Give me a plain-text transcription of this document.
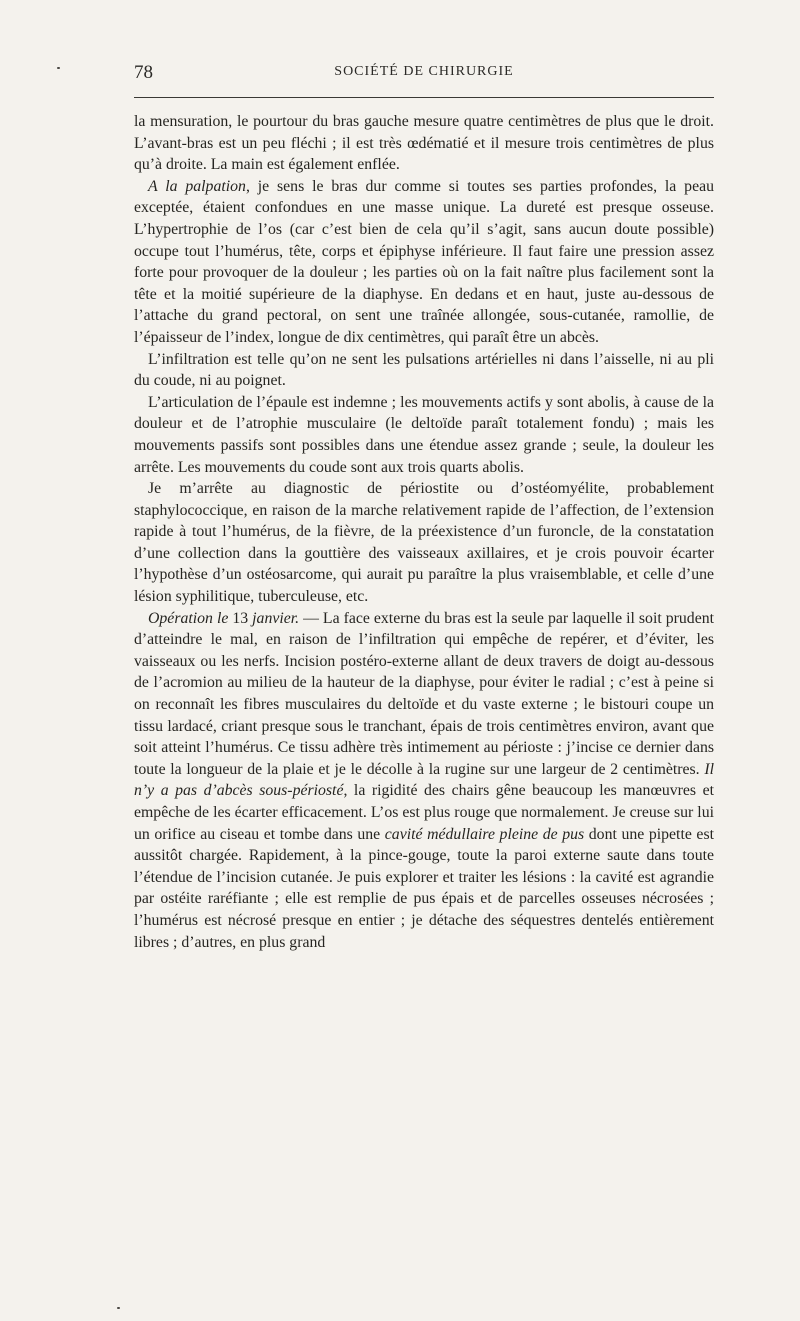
78	SOCIÉTÉ DE CHIRURGIE

la mensuration, le pourtour du bras gauche mesure quatre centimètres de plus que le droit. L’avant-bras est un peu fléchi ; il est très œdématié et il mesure trois centimètres de plus qu’à droite. La main est également enflée.

A la palpation, je sens le bras dur comme si toutes ses parties profondes, la peau exceptée, étaient confondues en une masse unique. La dureté est presque osseuse. L’hypertrophie de l’os (car c’est bien de cela qu’il s’agit, sans aucun doute possible) occupe tout l’humérus, tête, corps et épiphyse inférieure. Il faut faire une pression assez forte pour provoquer de la douleur ; les parties où on la fait naître plus facilement sont la tête et la moitié supérieure de la diaphyse. En dedans et en haut, juste au-dessous de l’attache du grand pectoral, on sent une traînée allongée, sous-cutanée, ramollie, de l’épaisseur de l’index, longue de dix centimètres, qui paraît être un abcès.

L’infiltration est telle qu’on ne sent les pulsations artérielles ni dans l’aisselle, ni au pli du coude, ni au poignet.

L’articulation de l’épaule est indemne ; les mouvements actifs y sont abolis, à cause de la douleur et de l’atrophie musculaire (le deltoïde paraît totalement fondu) ; mais les mouvements passifs sont possibles dans une étendue assez grande ; seule, la douleur les arrête. Les mouvements du coude sont aux trois quarts abolis.

Je m’arrête au diagnostic de périostite ou d’ostéomyélite, probablement staphylococcique, en raison de la marche relativement rapide de l’affection, de l’extension rapide à tout l’humérus, de la fièvre, de la préexistence d’un furoncle, de la constatation d’une collection dans la gouttière des vaisseaux axillaires, et je crois pouvoir écarter l’hypothèse d’un ostéosarcome, qui aurait pu paraître la plus vraisemblable, et celle d’une lésion syphilitique, tuberculeuse, etc.

Opération le 13 janvier. — La face externe du bras est la seule par laquelle il soit prudent d’atteindre le mal, en raison de l’infiltration qui empêche de repérer, et d’éviter, les vaisseaux ou les nerfs. Incision postéro-externe allant de deux travers de doigt au-dessous de l’acromion au milieu de la hauteur de la diaphyse, pour éviter le radial ; c’est à peine si on reconnaît les fibres musculaires du deltoïde et du vaste externe ; le bistouri coupe un tissu lardacé, criant presque sous le tranchant, épais de trois centimètres environ, avant que soit atteint l’humérus. Ce tissu adhère très intimement au périoste : j’incise ce dernier dans toute la longueur de la plaie et je le décolle à la rugine sur une largeur de 2 centimètres. Il n’y a pas d’abcès sous-périosté, la rigidité des chairs gêne beaucoup les manœuvres et empêche de les écarter efficacement. L’os est plus rouge que normalement. Je creuse sur lui un orifice au ciseau et tombe dans une cavité médullaire pleine de pus dont une pipette est aussitôt chargée. Rapidement, à la pince-gouge, toute la paroi externe saute dans toute l’étendue de l’incision cutanée. Je puis explorer et traiter les lésions : la cavité est agrandie par ostéite raréfiante ; elle est remplie de pus épais et de parcelles osseuses nécrosées ; l’humérus est nécrosé presque en entier ; je détache des séquestres dentelés entièrement libres ; d’autres, en plus grand
